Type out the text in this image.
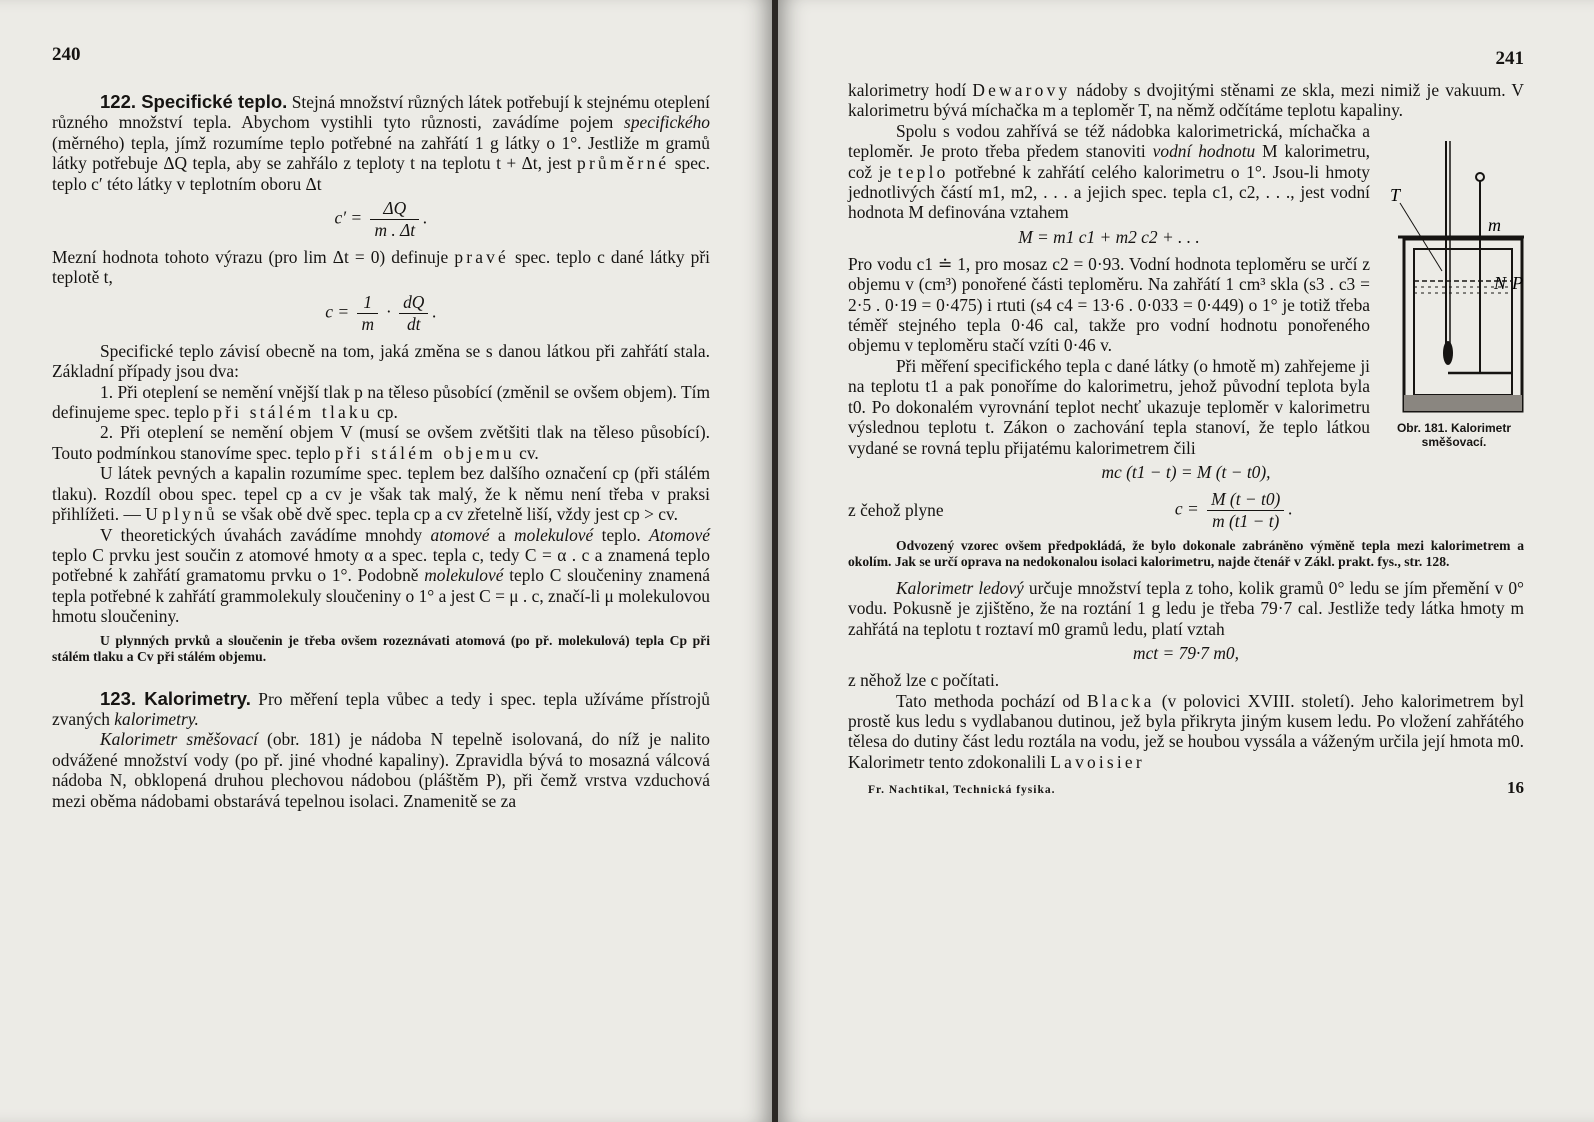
240

122. Specifické teplo. Stejná množství různých látek potřebují k stejnému oteplení různého množství tepla. Abychom vystihli tyto různosti, zavádíme pojem specifického (měrného) tepla, jímž rozumíme teplo potřebné na zahřátí 1 g látky o 1°. Jestliže m gramů látky potřebuje ΔQ tepla, aby se zahřálo z teploty t na teplotu t + Δt, jest průměrné spec. teplo c′ této látky v teplotním oboru Δt

$c' = \frac{\Delta Q}{m . \Delta t}$ .

Mezní hodnota tohoto výrazu (pro lim Δt = 0) definuje pravé spec. teplo c dané látky při teplotě t,

$c = \frac{1}{m} \cdot \frac{dQ}{dt}$ .

Specifické teplo závisí obecně na tom, jaká změna se s danou látkou při zahřátí stala. Základní případy jsou dva:

1. Při oteplení se nemění vnější tlak p na těleso působící (změnil se ovšem objem). Tím definujeme spec. teplo při stálém tlaku cp.

2. Při oteplení se nemění objem V (musí se ovšem zvětšiti tlak na těleso působící). Touto podmínkou stanovíme spec. teplo při stálém objemu cv.

U látek pevných a kapalin rozumíme spec. teplem bez dalšího označení cp (při stálém tlaku). Rozdíl obou spec. tepel cp a cv je však tak malý, že k němu není třeba v praksi přihlížeti. — U plynů se však obě dvě spec. tepla cp a cv zřetelně liší, vždy jest cp > cv.

V theoretických úvahách zavádíme mnohdy atomové a molekulové teplo. Atomové teplo C prvku jest součin z atomové hmoty α a spec. tepla c, tedy C = α . c a znamená teplo potřebné k zahřátí gramatomu prvku o 1°. Podobně molekulové teplo C sloučeniny znamená tepla potřebné k zahřátí grammolekuly sloučeniny o 1° a jest C = μ . c, značí-li μ molekulovou hmotu sloučeniny.

U plynných prvků a sloučenin je třeba ovšem rozeznávati atomová (po př. molekulová) tepla Cp při stálém tlaku a Cv při stálém objemu.

123. Kalorimetry. Pro měření tepla vůbec a tedy i spec. tepla užíváme přístrojů zvaných kalorimetry.

Kalorimetr směšovací (obr. 181) je nádoba N tepelně isolovaná, do níž je nalito odvážené množství vody (po př. jiné vhodné kapaliny). Zpravidla bývá to mosazná válcová nádoba N, obklopená druhou plechovou nádobou (pláštěm P), při čemž vrstva vzduchová mezi oběma nádobami obstarává tepelnou isolaci. Znamenitě se za

241

kalorimetry hodí Dewarovy nádoby s dvojitými stěnami ze skla, mezi nimiž je vakuum. V kalorimetru bývá míchačka m a teploměr T, na němž odčítáme teplotu kapaliny.

T
m
N P
Obr. 181. Kalorimetr směšovací.

Spolu s vodou zahřívá se též nádobka kalorimetrická, míchačka a teploměr. Je proto třeba předem stanoviti vodní hodnotu M kalorimetru, což je teplo potřebné k zahřátí celého kalorimetru o 1°. Jsou-li hmoty jednotlivých částí m1, m2, . . . a jejich spec. tepla c1, c2, . . ., jest vodní hodnota M definována vztahem

M = m1 c1 + m2 c2 + . . .

Pro vodu c1 ≐ 1, pro mosaz c2 = 0·93. Vodní hodnota teploměru se určí z objemu v (cm³) ponořené části teploměru. Na zahřátí 1 cm³ skla (s3 . c3 = 2·5 . 0·19 = 0·475) i rtuti (s4 c4 = 13·6 . 0·033 = 0·449) o 1° je totiž třeba téměř stejného tepla 0·46 cal, takže pro vodní hodnotu ponořeného objemu v teploměru stačí vzíti 0·46 v.

Při měření specifického tepla c dané látky (o hmotě m) zahřejeme ji na teplotu t1 a pak ponoříme do kalorimetru, jehož původní teplota byla t0. Po dokonalém vyrovnání teplot nechť ukazuje teploměr v kalorimetru výslednou teplotu t. Zákon o zachování tepla stanoví, že teplo látkou vydané se rovná teplu přijatému kalorimetrem čili

mc (t1 − t) = M (t − t0),
z čehož plyne	$c = \frac{M (t - t0)}{m (t1 - t)}$ .

Odvozený vzorec ovšem předpokládá, že bylo dokonale zabráněno výměně tepla mezi kalorimetrem a okolím. Jak se určí oprava na nedokonalou isolaci kalorimetru, najde čtenář v Zákl. prakt. fys., str. 128.

Kalorimetr ledový určuje množství tepla z toho, kolik gramů 0° ledu se jím přemění v 0° vodu. Pokusně je zjištěno, že na roztání 1 g ledu je třeba 79·7 cal. Jestliže tedy látka hmoty m zahřátá na teplotu t roztaví m0 gramů ledu, platí vztah

mct = 79·7 m0,

z něhož lze c počítati.

Tato methoda pochází od Blacka (v polovici XVIII. století). Jeho kalorimetrem byl prostě kus ledu s vydlabanou dutinou, jež byla přikryta jiným kusem ledu. Po vložení zahřátého tělesa do dutiny část ledu roztála na vodu, jež se houbou vyssála a váženým určila její hmota m0. Kalorimetr tento zdokonalili Lavoisier

Fr. Nachtikal, Technická fysika.	16
